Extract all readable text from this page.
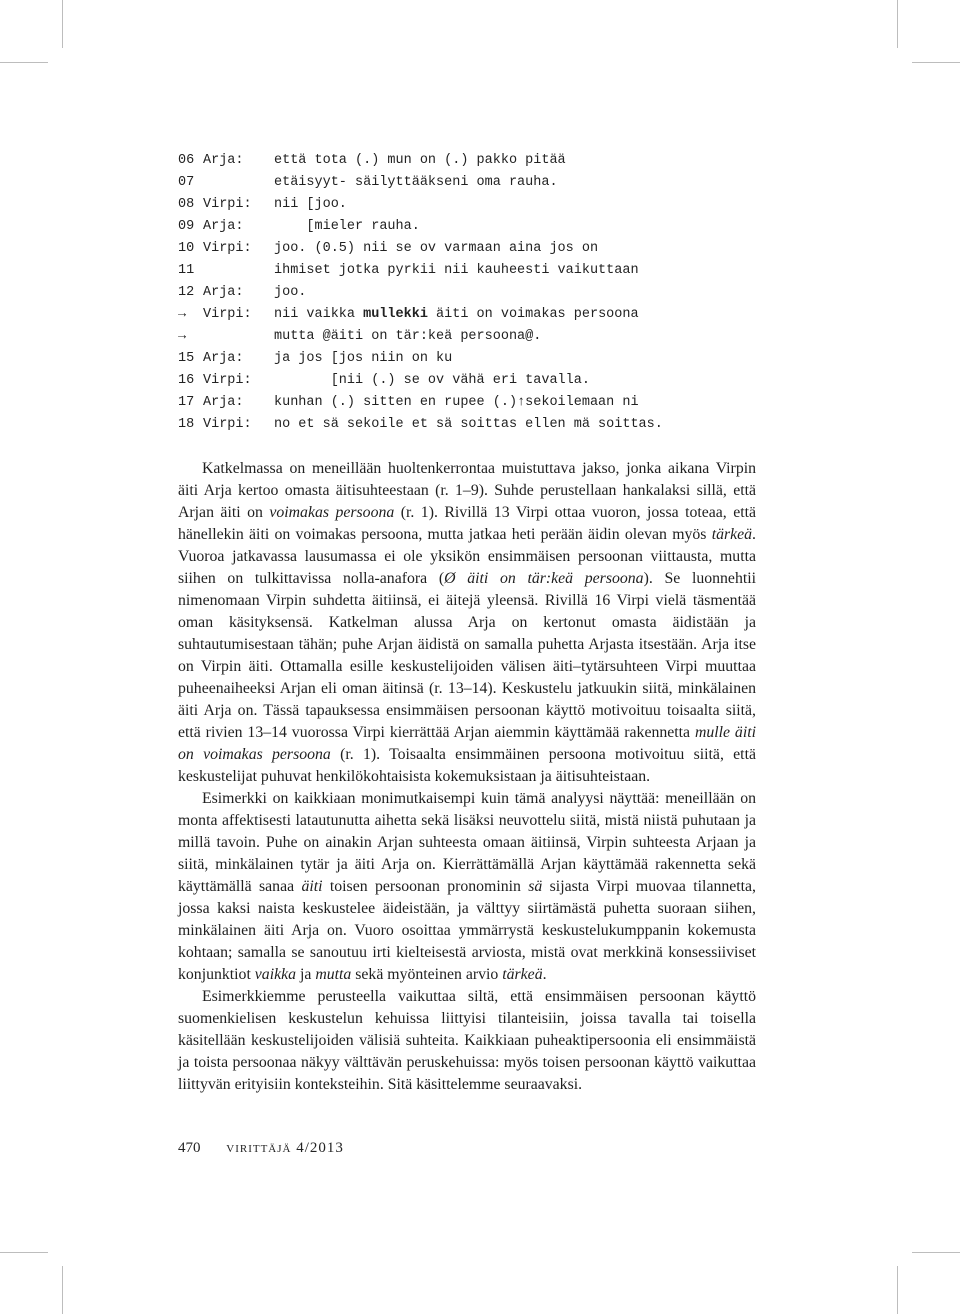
06 Arja: että tota (.) mun on (.) pakko pitää
07	etäisyyt- säilyttääkseni oma rauha.
08 Virpi: nii [joo.
09 Arja: [mieler rauha.
10 Virpi: joo. (0.5) nii se ov varmaan aina jos on
11	ihmiset jotka pyrkii nii kauheesti vaikuttaan
12 Arja: joo.
→	Virpi: nii vaikka mullekki äiti on voimakas persoona
→	mutta @äiti on tär:keä persoona@.
15 Arja: ja jos [jos niin on ku
16 Virpi: [nii (.) se ov vähä eri tavalla.
17 Arja: kunhan (.) sitten en rupee (.)↑sekoilemaan ni
18 Virpi: no et sä sekoile et sä soittas ellen mä soittas.

Katkelmassa on meneillään huoltenkerrontaa muistuttava jakso, jonka aikana Virpin äiti Arja kertoo omasta äitisuhteestaan (r. 1–9). Suhde perustellaan hankalaksi sillä, että Arjan äiti on voimakas persoona (r. 1). Rivillä 13 Virpi ottaa vuoron, jossa toteaa, että hänellekin äiti on voimakas persoona, mutta jatkaa heti perään äidin olevan myös tärkeä. Vuoroa jatkavassa lausumassa ei ole yksikön ensimmäisen persoonan viittausta, mutta siihen on tulkittavissa nolla-anafora (Ø äiti on tär:keä persoona). Se luonnehtii nimenomaan Virpin suhdetta äitiinsä, ei äitejä yleensä. Rivillä 16 Virpi vielä täsmentää oman käsityksensä. Katkelman alussa Arja on kertonut omasta äidistään ja suhtautumisestaan tähän; puhe Arjan äidistä on samalla puhetta Arjasta itsestään. Arja itse on Virpin äiti. Ottamalla esille keskustelijoiden välisen äiti–tytärsuhteen Virpi muuttaa puheenaiheeksi Arjan eli oman äitinsä (r. 13–14). Keskustelu jatkuukin siitä, minkälainen äiti Arja on. Tässä tapauksessa ensimmäisen persoonan käyttö motivoituu toisaalta siitä, että rivien 13–14 vuorossa Virpi kierrättää Arjan aiemmin käyttämää rakennetta mulle äiti on voimakas persoona (r. 1). Toisaalta ensimmäinen persoona motivoituu siitä, että keskustelijat puhuvat henkilökohtaisista kokemuksistaan ja äitisuhteistaan.

Esimerkki on kaikkiaan monimutkaisempi kuin tämä analyysi näyttää: meneillään on monta affektisesti latautunutta aihetta sekä lisäksi neuvottelu siitä, mistä niistä puhutaan ja millä tavoin. Puhe on ainakin Arjan suhteesta omaan äitiinsä, Virpin suhteesta Arjaan ja siitä, minkälainen tytär ja äiti Arja on. Kierrättämällä Arjan käyttämää rakennetta sekä käyttämällä sanaa äiti toisen persoonan pronominin sä sijasta Virpi muovaa tilannetta, jossa kaksi naista keskustelee äideistään, ja välttyy siirtämästä puhetta suoraan siihen, minkälainen äiti Arja on. Vuoro osoittaa ymmärrystä keskustelukumppanin kokemusta kohtaan; samalla se sanoutuu irti kielteisestä arviosta, mistä ovat merkkinä konsessiiviset konjunktiot vaikka ja mutta sekä myönteinen arvio tärkeä.

Esimerkkiemme perusteella vaikuttaa siltä, että ensimmäisen persoonan käyttö suomenkielisen keskustelun kehuissa liittyisi tilanteisiin, joissa tavalla tai toisella käsitellään keskustelijoiden välisiä suhteita. Kaikkiaan puheaktipersoonia eli ensimmäistä ja toista persoonaa näkyy välttävän peruskehuissa: myös toisen persoonan käyttö vaikuttaa liittyvän erityisiin konteksteihin. Sitä käsittelemme seuraavaksi.

470 virittäjä 4/2013
